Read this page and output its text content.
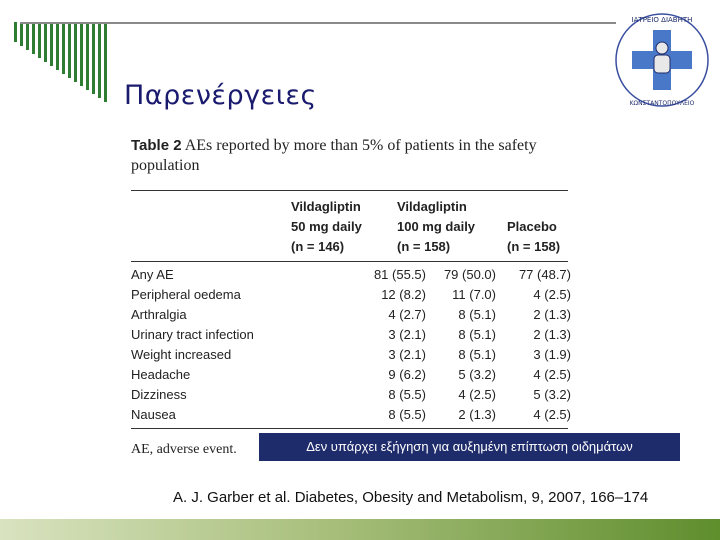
ΙΑΤΡΕΙΟ ΔΙΑΒΗΤΗ
ΚΩΝΣΤΑΝΤΟΠΟΥΛΕΙΟ
Παρενέργειες
Table 2 AEs reported by more than 5% of patients in the safety population
Vildagliptin
50 mg daily
(n = 146)
Vildagliptin
100 mg daily
(n = 158)
Placebo
(n = 158)
Any AE	81 (55.5) 79 (50.0) 77 (48.7)
Peripheral oedema	12 (8.2) 11 (7.0)	4 (2.5)
Arthralgia	4 (2.7) 8 (5.1)	2 (1.3)
Urinary tract infection	3 (2.1) 8 (5.1)	2 (1.3)
Weight increased	3 (2.1) 8 (5.1)	3 (1.9)
Headache	9 (6.2) 5 (3.2)	4 (2.5)
Dizziness	8 (5.5) 4 (2.5)	5 (3.2)
Nausea	8 (5.5) 2 (1.3)	4 (2.5)
AE, adverse event.	Δεν υπάρχει εξήγηση για αυξημένη επίπτωση οιδημάτων
A. J. Garber et al. Diabetes, Obesity and Metabolism, 9, 2007, 166–174
